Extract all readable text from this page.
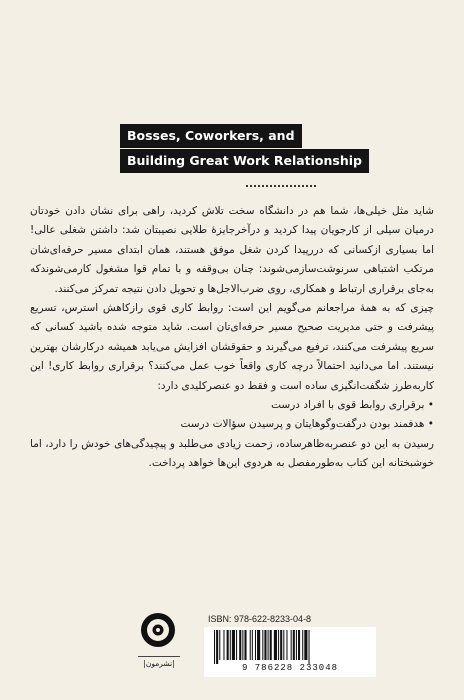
Bosses, Coworkers, and
Building Great Work Relationship

شاید مثل خیلی‌ها، شما هم در دانشگاه سخت تلاش کردید، راهی برای نشان دادن خودتان درمیان سیلی از کارجویان پیدا کردید و درآخرجایزهٔ طلایی نصیبتان شد: داشتن شغلی عالی! اما بسیاری ازکسانی که دررپیدا کردن شغل موفق هستند، همان ابتدای مسیر حرفه‌ای‌شان مرتکب اشتباهی سرنوشت‌سازمی‌شوند: چنان بی‌وقفه و با تمام قوا مشغول کارمی‌شوندکه به‌جای برقراری ارتباط و همکاری، روی ضرب‌الاجل‌ها و تحویل دادن نتیجه تمرکز می‌کنند.

چیزی که به همهٔ مراجعانم می‌گویم این است: روابط کاری قوی رازکاهش استرس، تسریع پیشرفت و حتی مدیریت صحیح مسیر حرفه‌ای‌تان است. شاید متوجه شده باشید کسانی که سریع پیشرفت می‌کنند، ترفیع می‌گیرند و حقوقشان افزایش می‌یابد همیشه درکارشان بهترین نیستند. اما می‌دانید احتمالاً درچه کاری واقعاً خوب عمل می‌کنند؟ برقراری روابط کاری! این کاربه‌طرز شگفت‌انگیزی ساده است و فقط دو عنصرکلیدی دارد:

• برقراری روابط قوی با افراد درست

• هدفمند بودن درگفت‌وگوهایتان و پرسیدن سؤالات درست

رسیدن به این دو عنصربه‌ظاهرساده، زحمت زیادی می‌طلبد و پیچیدگی‌های خودش را دارد، اما خوشبختانه این کتاب به‌طورمفصل به هردوی این‌ها خواهد پرداخت.

|نشرمون|
ISBN: 978-622-8233-04-8
9 786228 233048
